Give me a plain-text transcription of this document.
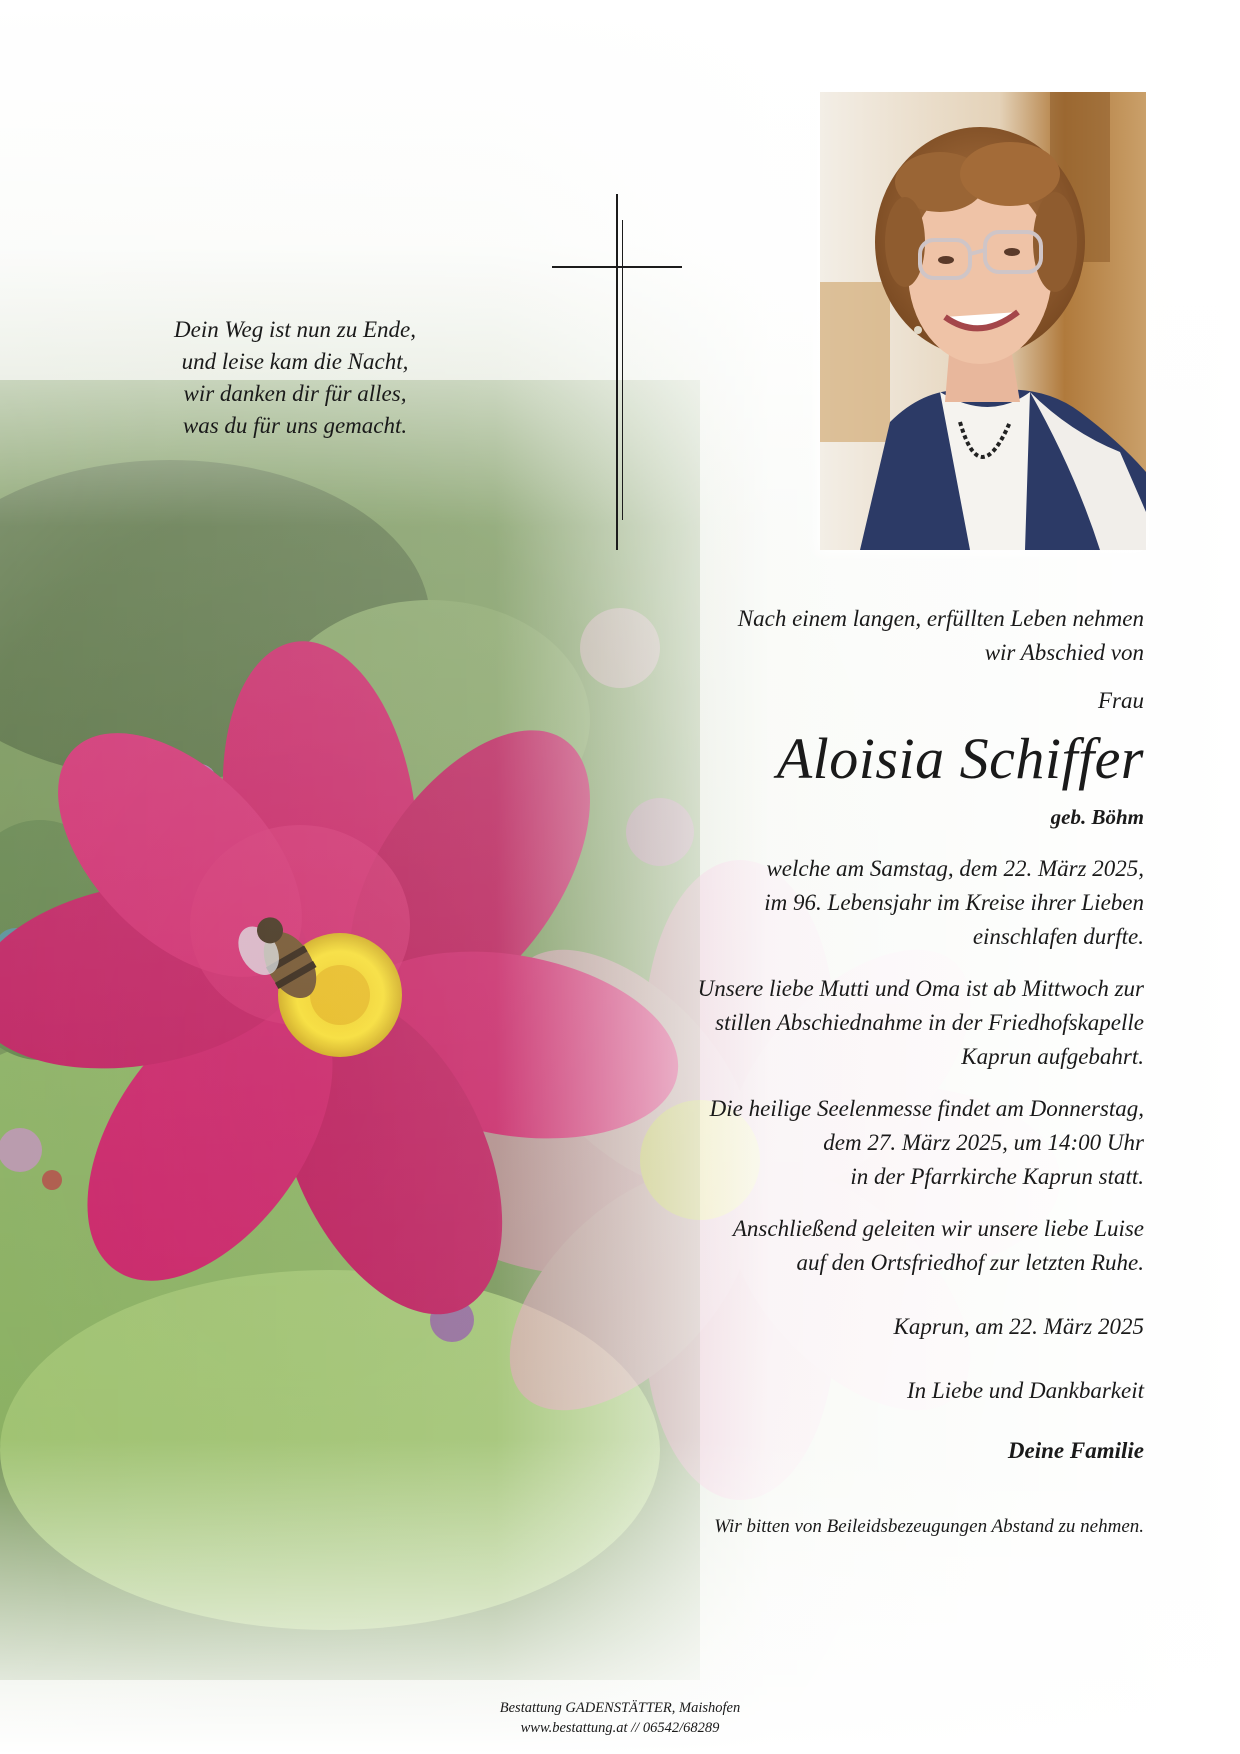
Dein Weg ist nun zu Ende,
und leise kam die Nacht,
wir danken dir für alles,
was du für uns gemacht.
Nach einem langen, erfüllten Leben nehmen
wir Abschied von
Frau
Aloisia Schiffer
geb. Böhm
welche am Samstag, dem 22. März 2025,
im 96. Lebensjahr im Kreise ihrer Lieben
einschlafen durfte.
Unsere liebe Mutti und Oma ist ab Mittwoch zur
stillen Abschiednahme in der Friedhofskapelle
Kaprun aufgebahrt.
Die heilige Seelenmesse findet am Donnerstag,
dem 27. März 2025, um 14:00 Uhr
in der Pfarrkirche Kaprun statt.
Anschließend geleiten wir unsere liebe Luise
auf den Ortsfriedhof zur letzten Ruhe.
Kaprun, am 22. März 2025
In Liebe und Dankbarkeit
Deine Familie
Wir bitten von Beileidsbezeugungen Abstand zu nehmen.
Bestattung GADENSTÄTTER, Maishofen
www.bestattung.at // 06542/68289
